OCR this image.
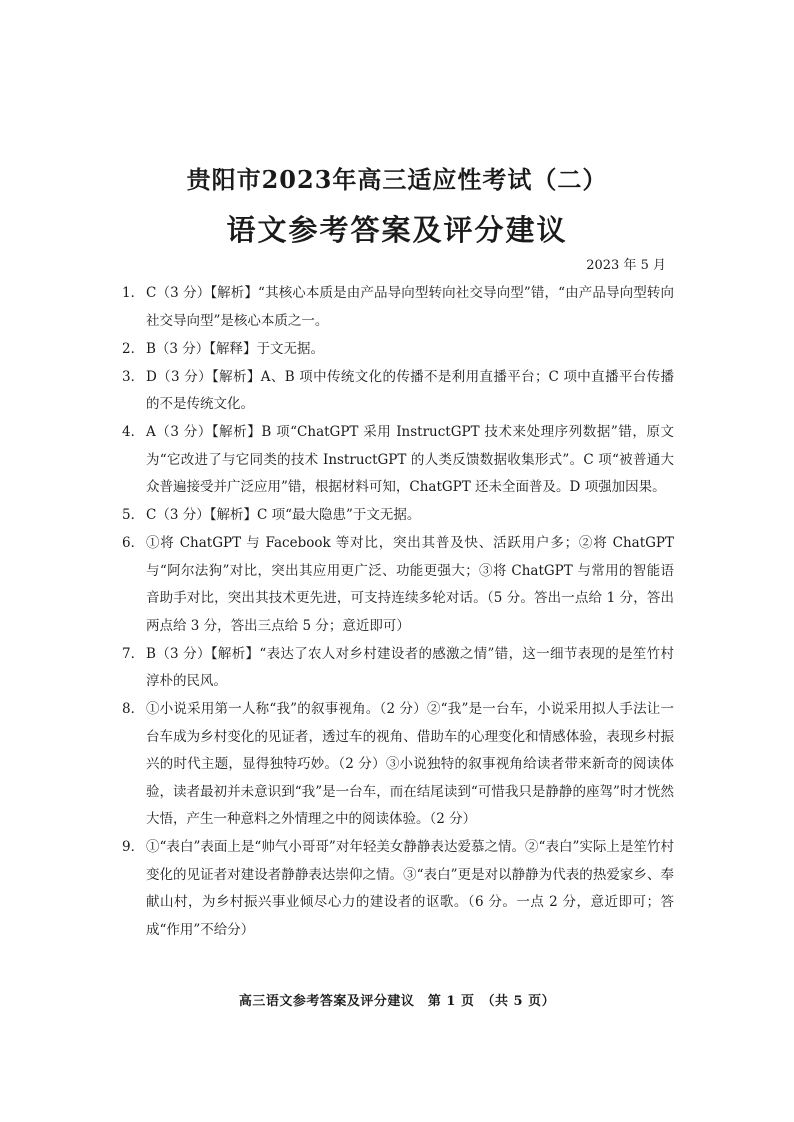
贵阳市2023年高三适应性考试（二）
语文参考答案及评分建议
2023 年 5 月
1． C（3 分）【解析】“其核心本质是由产品导向型转向社交导向型”错，“由产品导向型转向社交导向型”是核心本质之一。
2． B（3 分）【解释】于文无据。
3． D（3 分）【解析】A、B 项中传统文化的传播不是利用直播平台；C 项中直播平台传播的不是传统文化。
4． A（3 分）【解析】B 项“ChatGPT 采用 InstructGPT 技术来处理序列数据”错，原文为“它改进了与它同类的技术 InstructGPT 的人类反馈数据收集形式”。C 项“被普通大众普遍接受并广泛应用”错，根据材料可知，ChatGPT 还未全面普及。D 项强加因果。
5． C（3 分）【解析】C 项“最大隐患”于文无据。
6． ①将 ChatGPT 与 Facebook 等对比，突出其普及快、活跃用户多；②将 ChatGPT 与“阿尔法狗”对比，突出其应用更广泛、功能更强大；③将 ChatGPT 与常用的智能语音助手对比，突出其技术更先进，可支持连续多轮对话。（5 分。答出一点给 1 分，答出两点给 3 分，答出三点给 5 分；意近即可）
7． B（3 分）【解析】“表达了农人对乡村建设者的感激之情”错，这一细节表现的是笙竹村淳朴的民风。
8． ①小说采用第一人称“我”的叙事视角。（2 分）②“我”是一台车，小说采用拟人手法让一台车成为乡村变化的见证者，透过车的视角、借助车的心理变化和情感体验，表现乡村振兴的时代主题，显得独特巧妙。（2 分）③小说独特的叙事视角给读者带来新奇的阅读体验，读者最初并未意识到“我”是一台车，而在结尾读到“可惜我只是静静的座驾”时才恍然大悟，产生一种意料之外情理之中的阅读体验。（2 分）
9． ①“表白”表面上是“帅气小哥哥”对年轻美女静静表达爱慕之情。②“表白”实际上是笙竹村变化的见证者对建设者静静表达崇仰之情。③“表白”更是对以静静为代表的热爱家乡、奉献山村，为乡村振兴事业倾尽心力的建设者的讴歌。（6 分。一点 2 分，意近即可；答成“作用”不给分）
高三语文参考答案及评分建议　第 1 页　（共 5 页）
